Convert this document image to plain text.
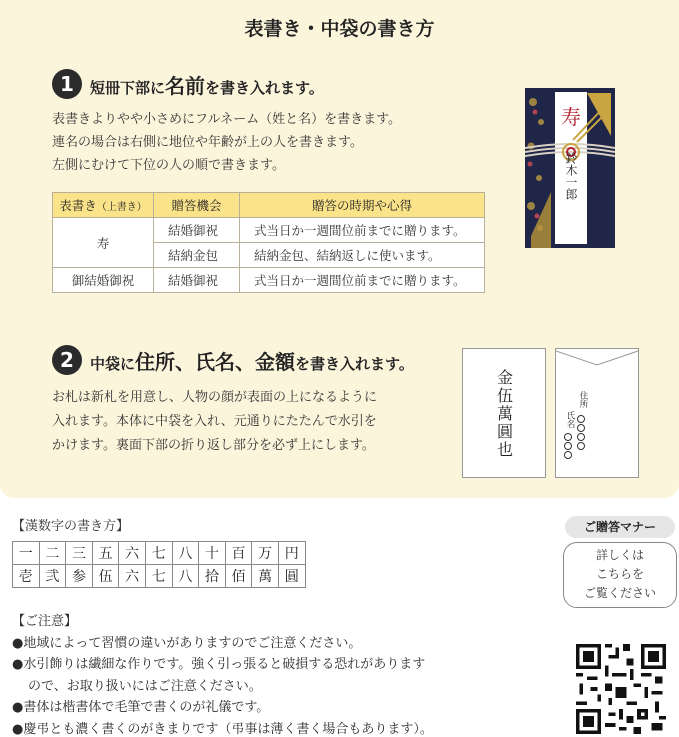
表書き・中袋の書き方
1	短冊下部に名前を書き入れます。
表書きよりやや小さめにフルネーム（姓と名）を書きます。
連名の場合は右側に地位や年齢が上の人を書きます。
左側にむけて下位の人の順で書きます。
表書き（上書き）	贈答機会	贈答の時期や心得
寿	結婚御祝	式当日か一週間位前までに贈ります。
	結納金包	結納金包、結納返しに使います。
御結婚御祝	結婚御祝	式当日か一週間位前までに贈ります。
寿
鈴木一郎
2	中袋に住所、氏名、金額を書き入れます。
お札は新札を用意し、人物の顔が表面の上になるように
入れます。本体に中袋を入れ、元通りにたたんで水引を
かけます。裏面下部の折り返し部分を必ず上にします。	金伍萬圓也	住所
氏名
【漢数字の書き方】
一	二	三	五	六	七	八	十	百	万	円
壱	弐	参	伍	六	七	八	拾	佰	萬	圓
ご贈答マナー
詳しくは
こちらを
ご覧ください
【ご注意】
●地域によって習慣の違いがありますのでご注意ください。
●水引飾りは繊細な作りです。強く引っ張ると破損する恐れがあります
ので、お取り扱いにはご注意ください。
●書体は楷書体で毛筆で書くのが礼儀です。
●慶弔とも濃く書くのがきまりです（弔事は薄く書く場合もあります）。
